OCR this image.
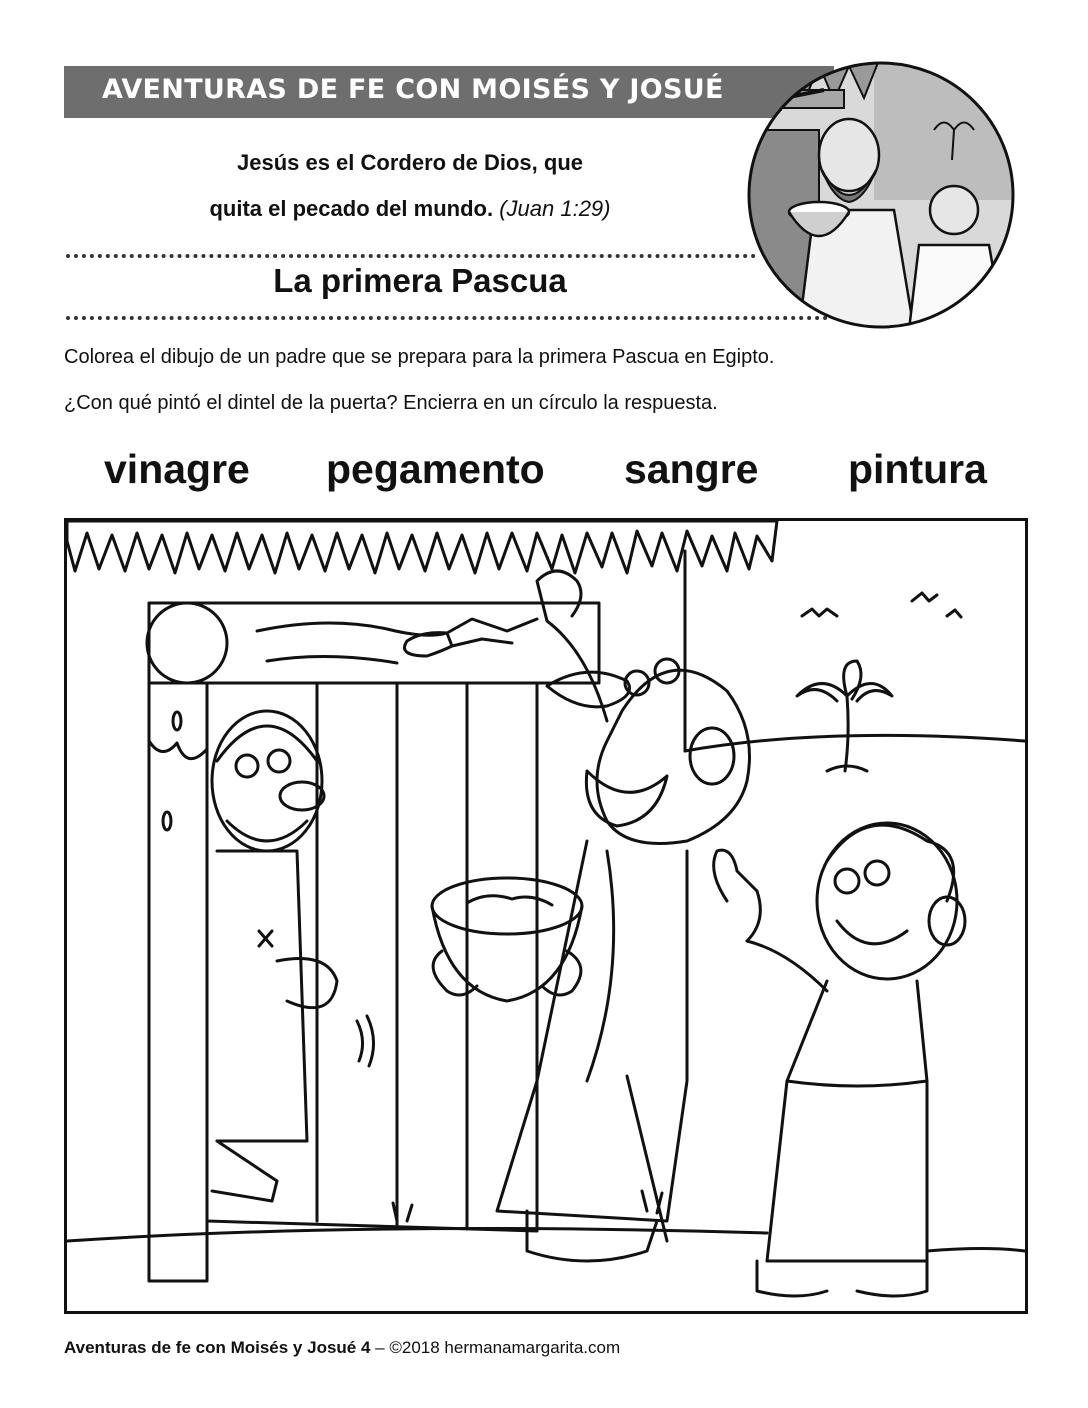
AVENTURAS DE FE CON MOISÉS Y JOSUÉ
Jesús es el Cordero de Dios, que
quita el pecado del mundo. (Juan 1:29)
La primera Pascua
Colorea el dibujo de un padre que se prepara para la primera Pascua en Egipto.
¿Con qué pintó el dintel de la puerta? Encierra en un círculo la respuesta.
vinagre pegamento sangre pintura
Aventuras de fe con Moisés y Josué 4 – ©2018 hermanamargarita.com
